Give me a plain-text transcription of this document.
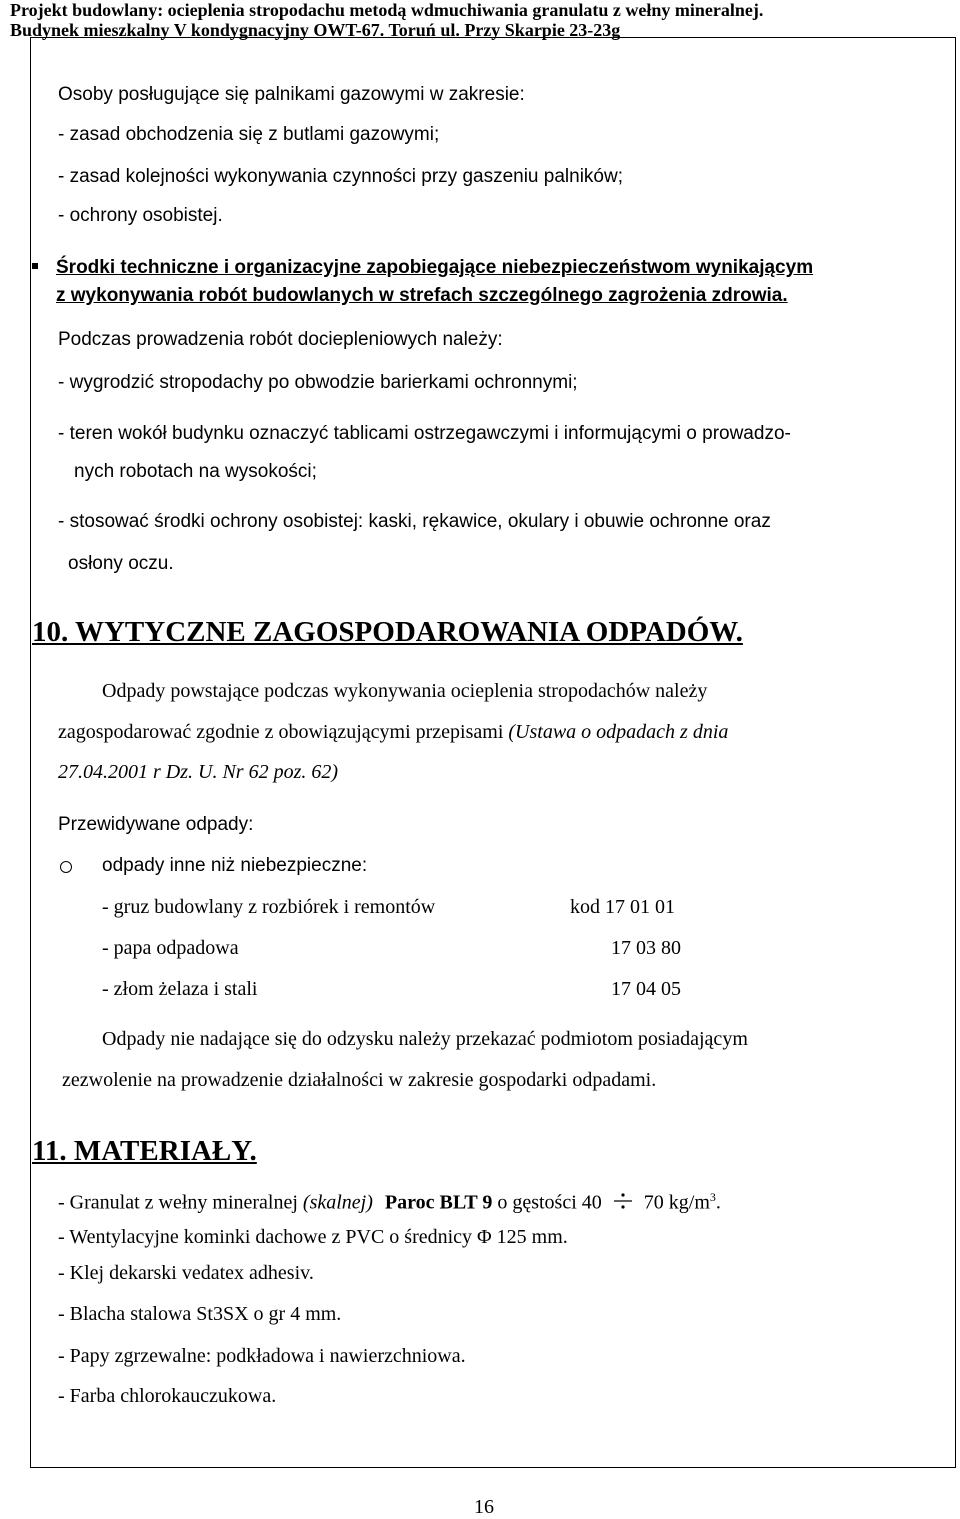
Projekt budowlany: ocieplenia stropodachu metodą wdmuchiwania granulatu z wełny mineralnej.
Budynek mieszkalny V kondygnacyjny OWT-67. Toruń ul. Przy Skarpie 23-23g
Osoby posługujące się palnikami gazowymi w zakresie:
- zasad obchodzenia się z butlami gazowymi;
- zasad kolejności wykonywania czynności przy gaszeniu palników;
- ochrony osobistej.
Środki techniczne i organizacyjne zapobiegające niebezpieczeństwom wynikającym
z wykonywania robót budowlanych w strefach szczególnego zagrożenia zdrowia.
Podczas prowadzenia robót dociepleniowych należy:
- wygrodzić stropodachy po obwodzie barierkami ochronnymi;
- teren wokół budynku oznaczyć tablicami ostrzegawczymi i informującymi o prowadzo-
nych robotach na wysokości;
- stosować środki ochrony osobistej: kaski, rękawice, okulary i obuwie ochronne oraz
osłony oczu.
10. WYTYCZNE ZAGOSPODAROWANIA ODPADÓW.
Odpady powstające podczas wykonywania ocieplenia stropodachów należy
zagospodarować zgodnie z obowiązującymi przepisami (Ustawa o odpadach z dnia
27.04.2001 r Dz. U. Nr 62 poz. 62)
Przewidywane odpady:
odpady inne niż niebezpieczne:
- gruz budowlany z rozbiórek i remontów	kod 17 01 01
- papa odpadowa	17 03 80
- złom żelaza i stali	17 04 05
Odpady nie nadające się do odzysku należy przekazać podmiotom posiadającym
zezwolenie na prowadzenie działalności w zakresie gospodarki odpadami.
11. MATERIAŁY.
- Granulat z wełny mineralnej (skalnej) Paroc BLT 9 o gęstości 40 70 $kg/m^3$.
- Wentylacyjne kominki dachowe z PVC o średnicy Φ 125 mm.
- Klej dekarski vedatex adhesiv.
- Blacha stalowa St3SX o gr 4 mm.
- Papy zgrzewalne: podkładowa i nawierzchniowa.
- Farba chlorokauczukowa.
16
